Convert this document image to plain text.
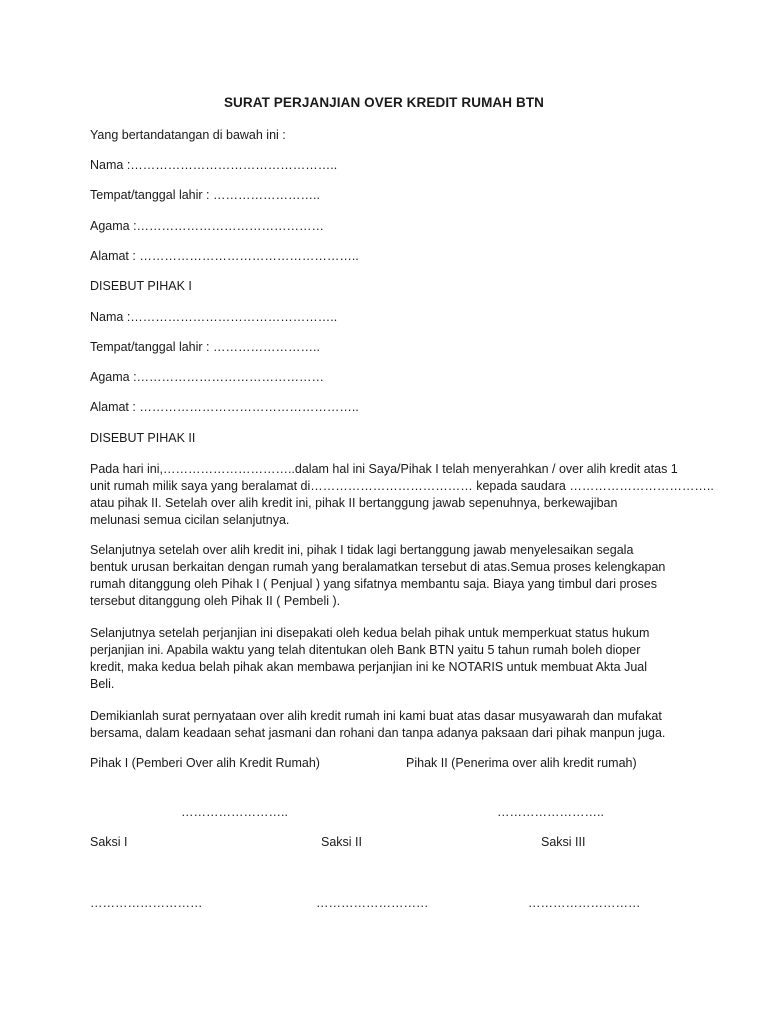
SURAT PERJANJIAN OVER KREDIT RUMAH BTN
Yang bertandatangan di bawah ini :
Nama :…………………………………………..
Tempat/tanggal lahir : ……………………..
Agama :………………………………………
Alamat : ……………………………………………..
DISEBUT PIHAK I
Nama :…………………………………………..
Tempat/tanggal lahir : ……………………..
Agama :………………………………………
Alamat : ……………………………………………..
DISEBUT PIHAK II
Pada hari ini,…………………………..dalam hal ini Saya/Pihak I telah menyerahkan / over alih kredit atas 1
unit rumah milik saya yang beralamat di………………………………… kepada saudara ……………………………..
atau pihak II. Setelah over alih kredit ini, pihak II bertanggung jawab sepenuhnya, berkewajiban
melunasi semua cicilan selanjutnya.
Selanjutnya setelah over alih kredit ini, pihak I tidak lagi bertanggung jawab menyelesaikan segala
bentuk urusan berkaitan dengan rumah yang beralamatkan tersebut di atas.Semua proses kelengkapan
rumah ditanggung oleh Pihak I ( Penjual ) yang sifatnya membantu saja. Biaya yang timbul dari proses
tersebut ditanggung oleh Pihak II ( Pembeli ).
Selanjutnya setelah perjanjian ini disepakati oleh kedua belah pihak untuk memperkuat status hukum
perjanjian ini. Apabila waktu yang telah ditentukan oleh Bank BTN yaitu 5 tahun rumah boleh dioper
kredit, maka kedua belah pihak akan membawa perjanjian ini ke NOTARIS untuk membuat Akta Jual
Beli.
Demikianlah surat pernyataan over alih kredit rumah ini kami buat atas dasar musyawarah dan mufakat
bersama, dalam keadaan sehat jasmani dan rohani dan tanpa adanya paksaan dari pihak manpun juga.
Pihak I (Pemberi Over alih Kredit Rumah)	Pihak II (Penerima over alih kredit rumah)
……………………..	……………………..
Saksi I	Saksi II	Saksi III
………………………	………………………	………………………
